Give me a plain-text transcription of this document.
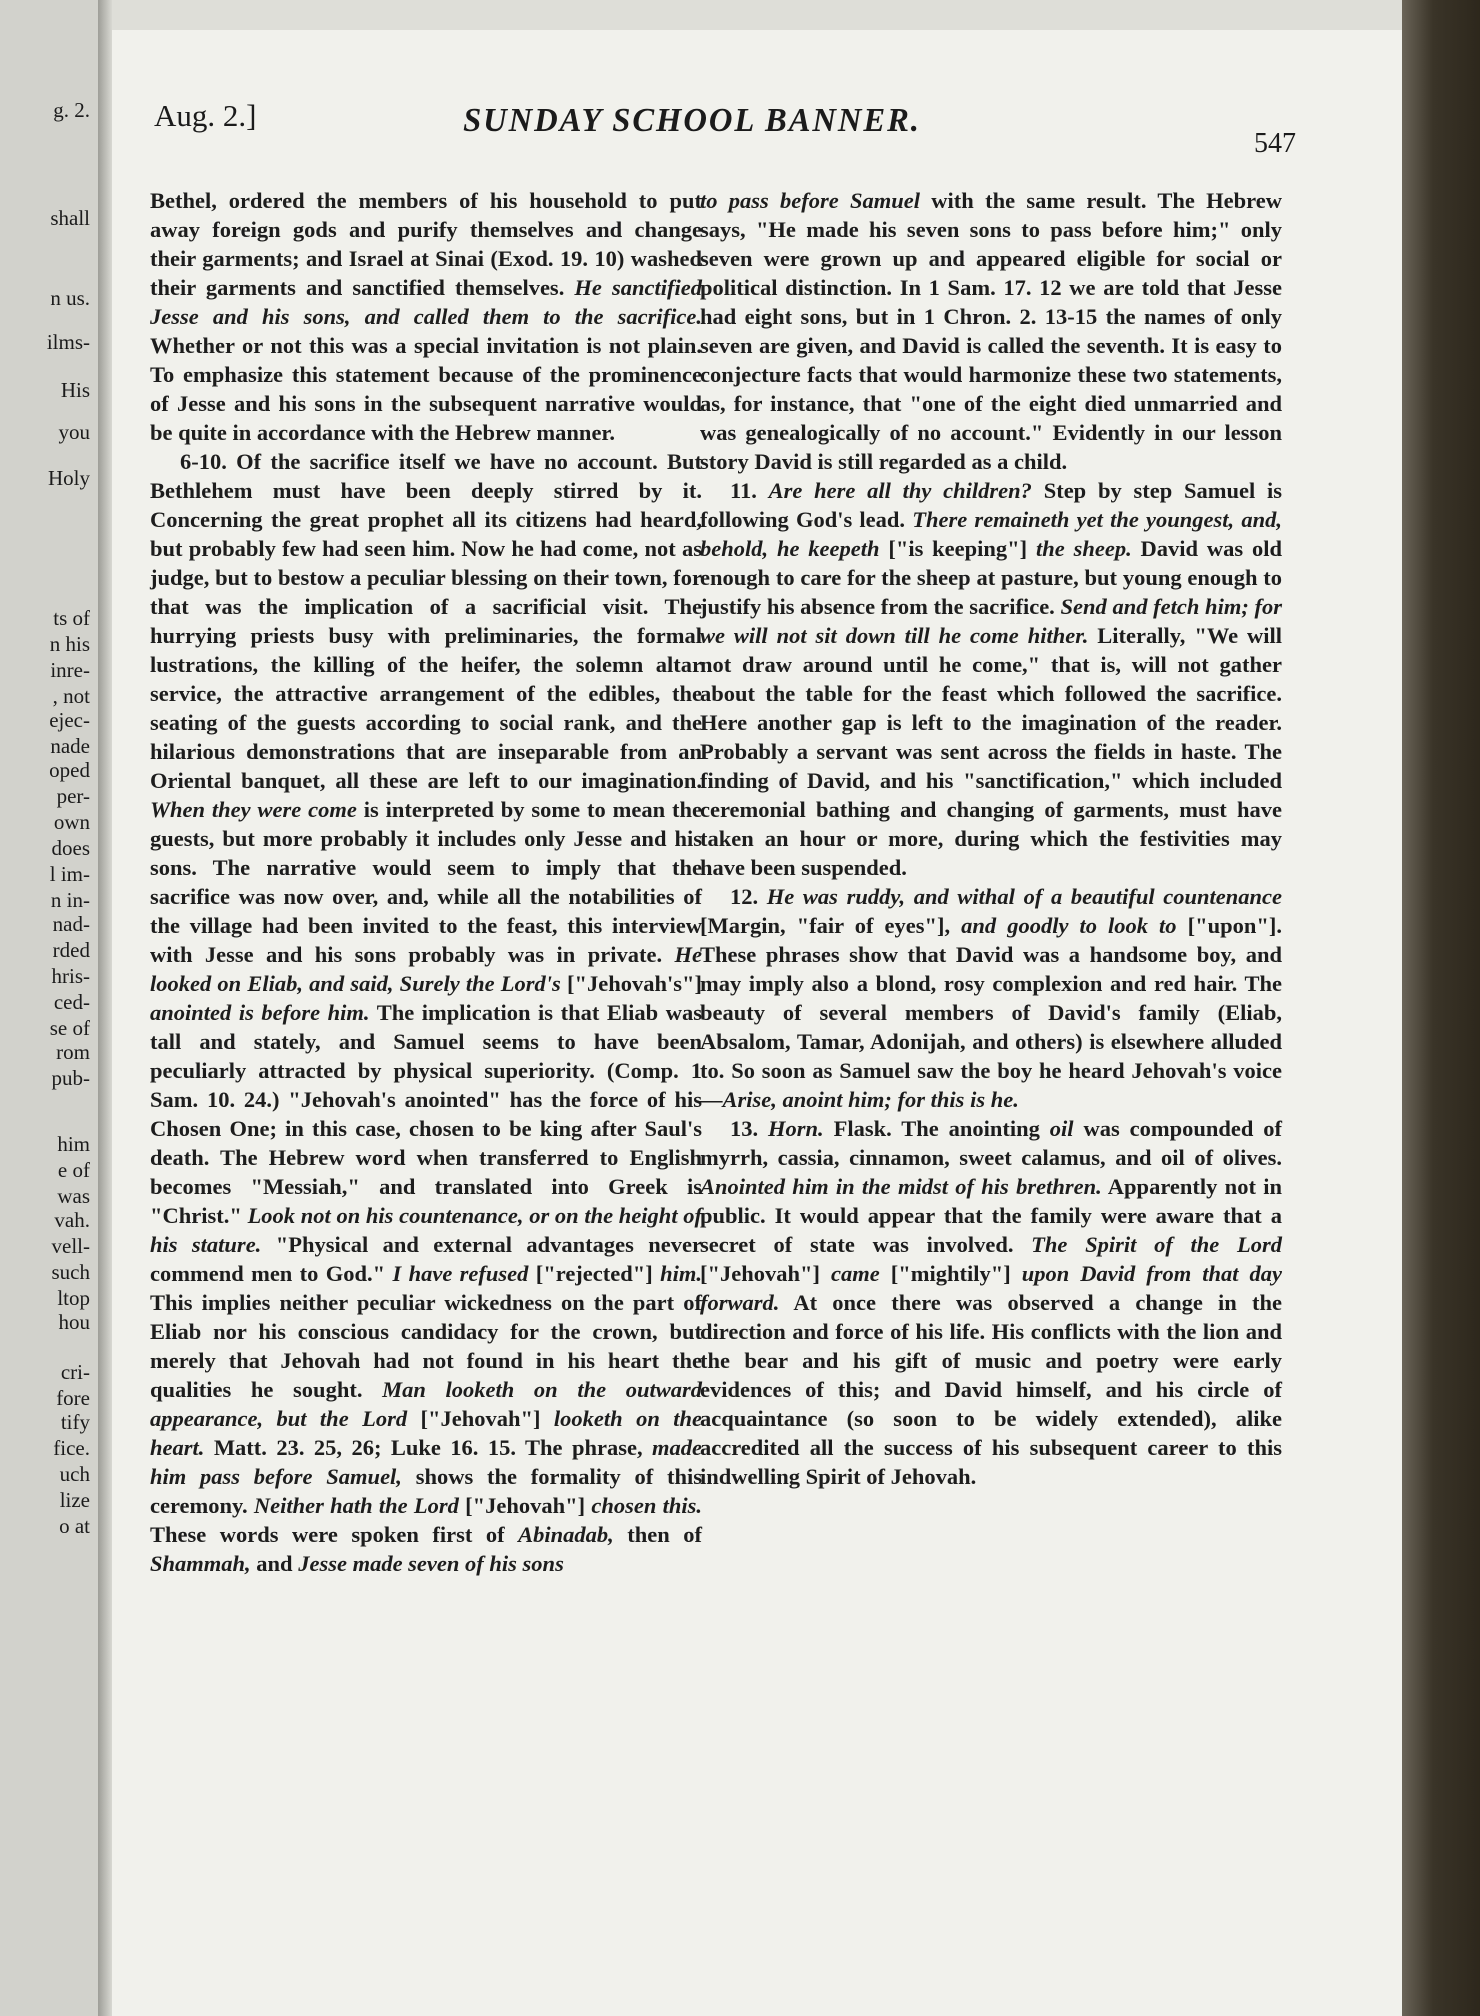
g. 2.
shall
n us.
ilms-
His
you
Holy
ts of
n his
inre-
, not
ejec-
nade
oped
per-
own
does
l im-
n in-
nad-
rded
hris-
ced-
se of
rom
pub-
him
e of
was
vah.
vell-
such
ltop
hou
cri-
fore
tify
fice.
uch
lize
o at
Aug. 2.]	SUNDAY SCHOOL BANNER.
547

Bethel, ordered the members of his household to put away foreign gods and purify themselves and change their garments; and Israel at Sinai (Exod. 19. 10) washed their garments and sanctified themselves. He sanctified Jesse and his sons, and called them to the sacrifice. Whether or not this was a special invitation is not plain. To emphasize this statement because of the prominence of Jesse and his sons in the subsequent narrative would be quite in accordance with the Hebrew manner.

6-10. Of the sacrifice itself we have no account. But Bethlehem must have been deeply stirred by it. Concerning the great prophet all its citizens had heard, but probably few had seen him. Now he had come, not as judge, but to bestow a peculiar blessing on their town, for that was the implication of a sacrificial visit. The hurrying priests busy with preliminaries, the formal lustrations, the killing of the heifer, the solemn altar service, the attractive arrangement of the edibles, the seating of the guests according to social rank, and the hilarious demonstrations that are inseparable from an Oriental banquet, all these are left to our imagination. When they were come is interpreted by some to mean the guests, but more probably it includes only Jesse and his sons. The narrative would seem to imply that the sacrifice was now over, and, while all the notabilities of the village had been invited to the feast, this interview with Jesse and his sons probably was in private. He looked on Eliab, and said, Surely the Lord's ["Jehovah's"] anointed is before him. The implication is that Eliab was tall and stately, and Samuel seems to have been peculiarly attracted by physical superiority. (Comp. 1 Sam. 10. 24.) "Jehovah's anointed" has the force of his Chosen One; in this case, chosen to be king after Saul's death. The Hebrew word when transferred to English becomes "Messiah," and translated into Greek is "Christ." Look not on his countenance, or on the height of his stature. "Physical and external advantages never commend men to God." I have refused ["rejected"] him. This implies neither peculiar wickedness on the part of Eliab nor his conscious candidacy for the crown, but merely that Jehovah had not found in his heart the qualities he sought. Man looketh on the outward appearance, but the Lord ["Jehovah"] looketh on the heart. Matt. 23. 25, 26; Luke 16. 15. The phrase, made him pass before Samuel, shows the formality of this ceremony. Neither hath the Lord ["Jehovah"] chosen this. These words were spoken first of Abinadab, then of Shammah, and Jesse made seven of his sons

to pass before Samuel with the same result. The Hebrew says, "He made his seven sons to pass before him;" only seven were grown up and appeared eligible for social or political distinction. In 1 Sam. 17. 12 we are told that Jesse had eight sons, but in 1 Chron. 2. 13-15 the names of only seven are given, and David is called the seventh. It is easy to conjecture facts that would harmonize these two statements, as, for instance, that "one of the eight died unmarried and was genealogically of no account." Evidently in our lesson story David is still regarded as a child.

11. Are here all thy children? Step by step Samuel is following God's lead. There remaineth yet the youngest, and, behold, he keepeth ["is keeping"] the sheep. David was old enough to care for the sheep at pasture, but young enough to justify his absence from the sacrifice. Send and fetch him; for we will not sit down till he come hither. Literally, "We will not draw around until he come," that is, will not gather about the table for the feast which followed the sacrifice. Here another gap is left to the imagination of the reader. Probably a servant was sent across the fields in haste. The finding of David, and his "sanctification," which included ceremonial bathing and changing of garments, must have taken an hour or more, during which the festivities may have been suspended.

12. He was ruddy, and withal of a beautiful countenance [Margin, "fair of eyes"], and goodly to look to ["upon"]. These phrases show that David was a handsome boy, and may imply also a blond, rosy complexion and red hair. The beauty of several members of David's family (Eliab, Absalom, Tamar, Adonijah, and others) is elsewhere alluded to. So soon as Samuel saw the boy he heard Jehovah's voice—Arise, anoint him; for this is he.

13. Horn. Flask. The anointing oil was compounded of myrrh, cassia, cinnamon, sweet calamus, and oil of olives. Anointed him in the midst of his brethren. Apparently not in public. It would appear that the family were aware that a secret of state was involved. The Spirit of the Lord ["Jehovah"] came ["mightily"] upon David from that day forward. At once there was observed a change in the direction and force of his life. His conflicts with the lion and the bear and his gift of music and poetry were early evidences of this; and David himself, and his circle of acquaintance (so soon to be widely extended), alike accredited all the success of his subsequent career to this indwelling Spirit of Jehovah.
